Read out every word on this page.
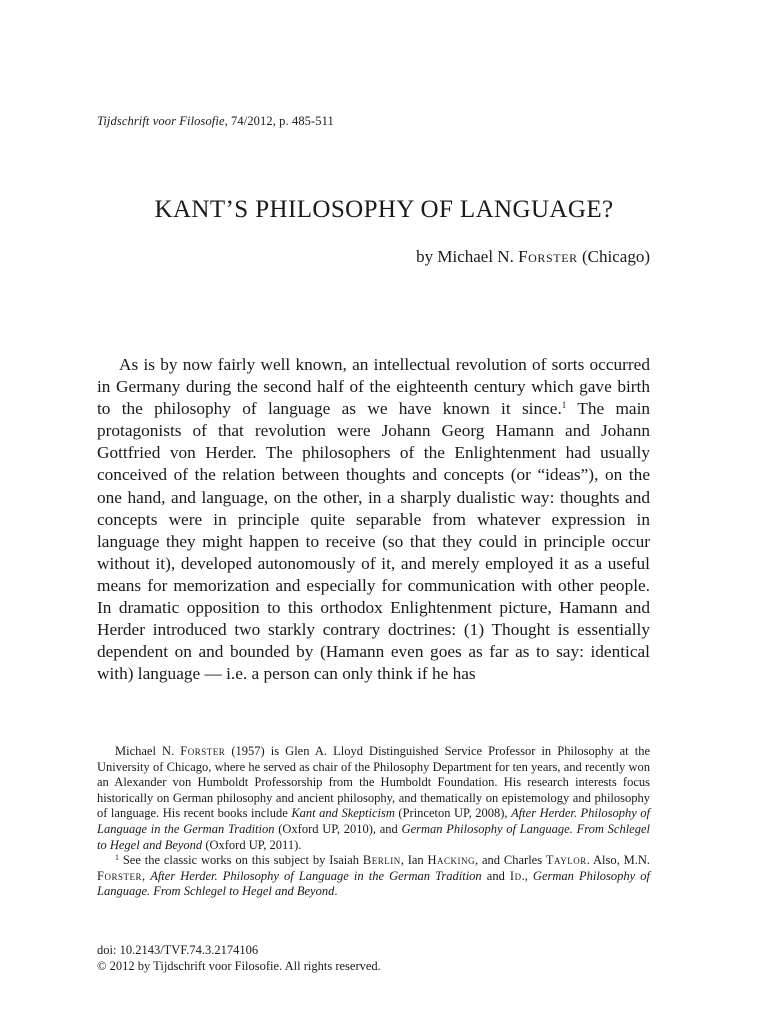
Tijdschrift voor Filosofie, 74/2012, p. 485-511
KANT’S PHILOSOPHY OF LANGUAGE?

by Michael N. Forster (Chicago)

As is by now fairly well known, an intellectual revolution of sorts occurred in Germany during the second half of the eighteenth century which gave birth to the philosophy of language as we have known it since.$^1$ The main protagonists of that revolution were Johann Georg Hamann and Johann Gottfried von Herder. The philosophers of the Enlightenment had usually conceived of the relation between thoughts and concepts (or “ideas”), on the one hand, and language, on the other, in a sharply dualistic way: thoughts and concepts were in principle quite separable from whatever expression in language they might happen to receive (so that they could in principle occur without it), developed autonomously of it, and merely employed it as a useful means for memorization and especially for communication with other people. In dramatic opposition to this orthodox Enlightenment picture, Hamann and Herder introduced two starkly contrary doctrines: (1) Thought is essentially dependent on and bounded by (Hamann even goes as far as to say: identical with) language — i.e. a person can only think if he has

Michael N. Forster (1957) is Glen A. Lloyd Distinguished Service Professor in Philosophy at the University of Chicago, where he served as chair of the Philosophy Department for ten years, and recently won an Alexander von Humboldt Professorship from the Humboldt Foundation. His research interests focus historically on German philosophy and ancient philosophy, and thematically on epistemology and philosophy of language. His recent books include Kant and Skepticism (Princeton UP, 2008), After Herder. Philosophy of Language in the German Tradition (Oxford UP, 2010), and German Philosophy of Language. From Schlegel to Hegel and Beyond (Oxford UP, 2011).

$^1$ See the classic works on this subject by Isaiah Berlin, Ian Hacking, and Charles Taylor. Also, M.N. Forster, After Herder. Philosophy of Language in the German Tradition and Id., German Philosophy of Language. From Schlegel to Hegel and Beyond.

doi: 10.2143/TVF.74.3.2174106
© 2012 by Tijdschrift voor Filosofie. All rights reserved.
